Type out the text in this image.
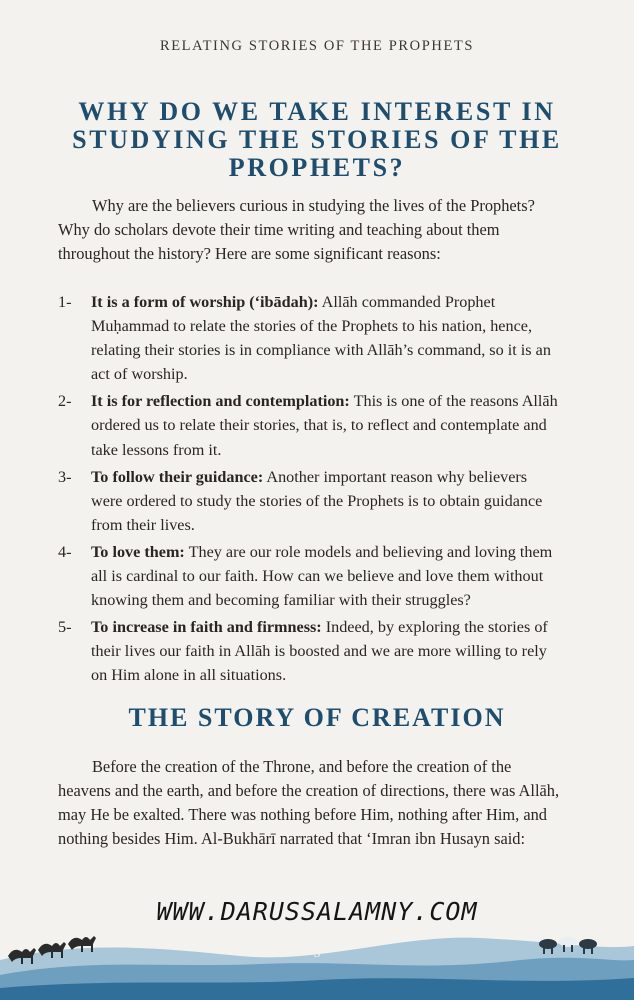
RELATING STORIES OF THE PROPHETS
WHY DO WE TAKE INTEREST IN STUDYING THE STORIES OF THE PROPHETS?
Why are the believers curious in studying the lives of the Prophets? Why do scholars devote their time writing and teaching about them throughout the history? Here are some significant reasons:
1- It is a form of worship (‘ibādah): Allāh commanded Prophet Muḥammad to relate the stories of the Prophets to his nation, hence, relating their stories is in compliance with Allāh’s command, so it is an act of worship.
2- It is for reflection and contemplation: This is one of the reasons Allāh ordered us to relate their stories, that is, to reflect and contemplate and take lessons from it.
3- To follow their guidance: Another important reason why believers were ordered to study the stories of the Prophets is to obtain guidance from their lives.
4- To love them: They are our role models and believing and loving them all is cardinal to our faith. How can we believe and love them without knowing them and becoming familiar with their struggles?
5- To increase in faith and firmness: Indeed, by exploring the stories of their lives our faith in Allāh is boosted and we are more willing to rely on Him alone in all situations.
THE STORY OF CREATION
Before the creation of the Throne, and before the creation of the heavens and the earth, and before the creation of directions, there was Allāh, may He be exalted. There was nothing before Him, nothing after Him, and nothing besides Him. Al-Bukhārī narrated that ‘Imran ibn Husayn said:
WWW.DARUSSALAMNY.COM
5
